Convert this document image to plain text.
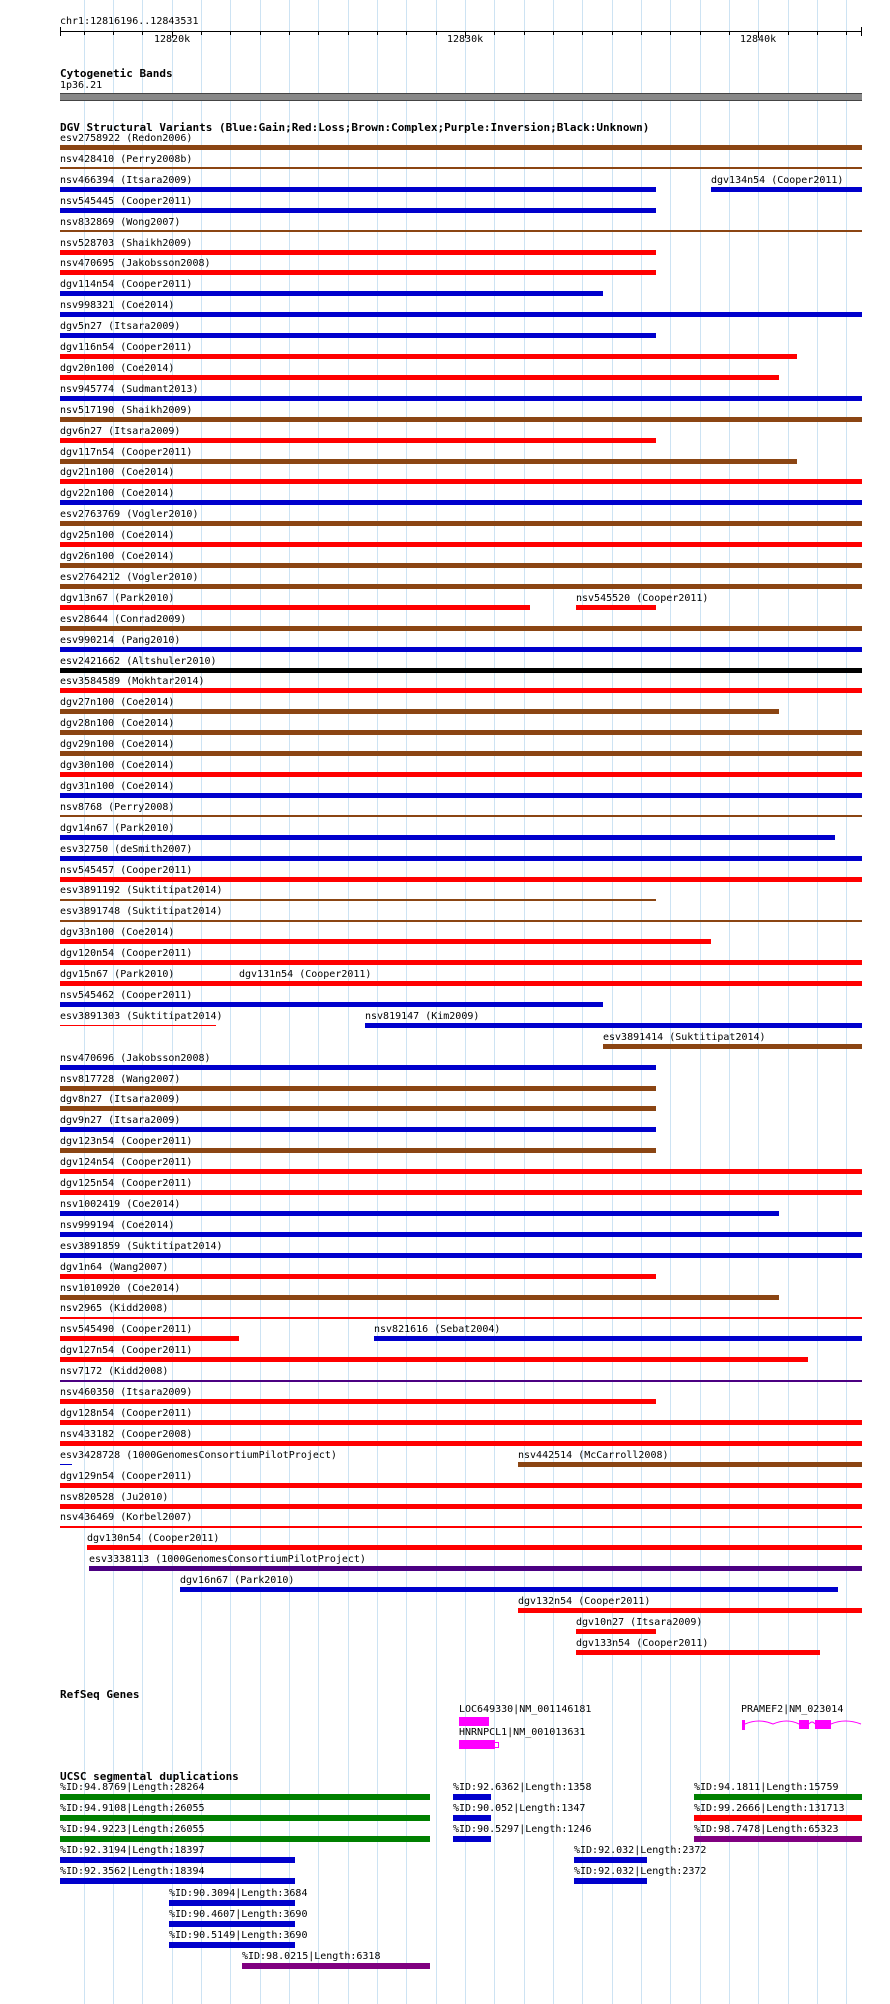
chr1:12816196..12843531
12820k	12830k	12840k
Cytogenetic Bands
1p36.21
DGV Structural Variants (Blue:Gain;Red:Loss;Brown:Complex;Purple:Inversion;Black:Unknown)
esv2758922 (Redon2006)
nsv428410 (Perry2008b)
nsv466394 (Itsara2009)	dgv134n54 (Cooper2011)
nsv545445 (Cooper2011)
nsv832869 (Wong2007)
nsv528703 (Shaikh2009)
nsv470695 (Jakobsson2008)
dgv114n54 (Cooper2011)
nsv998321 (Coe2014)
dgv5n27 (Itsara2009)
dgv116n54 (Cooper2011)
dgv20n100 (Coe2014)
nsv945774 (Sudmant2013)
nsv517190 (Shaikh2009)
dgv6n27 (Itsara2009)
dgv117n54 (Cooper2011)
dgv21n100 (Coe2014)
dgv22n100 (Coe2014)
esv2763769 (Vogler2010)
dgv25n100 (Coe2014)
dgv26n100 (Coe2014)
esv2764212 (Vogler2010)
dgv13n67 (Park2010)	nsv545520 (Cooper2011)
esv28644 (Conrad2009)
esv990214 (Pang2010)
esv2421662 (Altshuler2010)
esv3584589 (Mokhtar2014)
dgv27n100 (Coe2014)
dgv28n100 (Coe2014)
dgv29n100 (Coe2014)
dgv30n100 (Coe2014)
dgv31n100 (Coe2014)
nsv8768 (Perry2008)
dgv14n67 (Park2010)
esv32750 (deSmith2007)
nsv545457 (Cooper2011)
esv3891192 (Suktitipat2014)
esv3891748 (Suktitipat2014)
dgv33n100 (Coe2014)
dgv120n54 (Cooper2011)
dgv15n67 (Park2010)	dgv131n54 (Cooper2011)
nsv545462 (Cooper2011)
esv3891303 (Suktitipat2014)	nsv819147 (Kim2009)
esv3891414 (Suktitipat2014)
nsv470696 (Jakobsson2008)
nsv817728 (Wang2007)
dgv8n27 (Itsara2009)
dgv9n27 (Itsara2009)
dgv123n54 (Cooper2011)
dgv124n54 (Cooper2011)
dgv125n54 (Cooper2011)
nsv1002419 (Coe2014)
nsv999194 (Coe2014)
esv3891859 (Suktitipat2014)
dgv1n64 (Wang2007)
nsv1010920 (Coe2014)
nsv2965 (Kidd2008)
nsv545490 (Cooper2011)	nsv821616 (Sebat2004)
dgv127n54 (Cooper2011)
nsv7172 (Kidd2008)
nsv460350 (Itsara2009)
dgv128n54 (Cooper2011)
nsv433182 (Cooper2008)
esv3428728 (1000GenomesConsortiumPilotProject)	nsv442514 (McCarroll2008)
dgv129n54 (Cooper2011)
nsv820528 (Ju2010)
nsv436469 (Korbel2007)
dgv130n54 (Cooper2011)
esv3338113 (1000GenomesConsortiumPilotProject)
dgv16n67 (Park2010)
dgv132n54 (Cooper2011)
dgv10n27 (Itsara2009)
dgv133n54 (Cooper2011)
RefSeq Genes
LOC649330|NM_001146181
HNRNPCL1|NM_001013631
PRAMEF2|NM_023014
UCSC segmental duplications
%ID:94.8769|Length:28264
%ID:94.9108|Length:26055
%ID:94.9223|Length:26055
%ID:92.3194|Length:18397
%ID:92.3562|Length:18394
%ID:90.3094|Length:3684
%ID:90.4607|Length:3690
%ID:90.5149|Length:3690
%ID:98.0215|Length:6318
%ID:92.6362|Length:1358
%ID:90.052|Length:1347
%ID:90.5297|Length:1246
%ID:92.032|Length:2372
%ID:92.032|Length:2372
%ID:94.1811|Length:15759
%ID:99.2666|Length:131713
%ID:98.7478|Length:65323
